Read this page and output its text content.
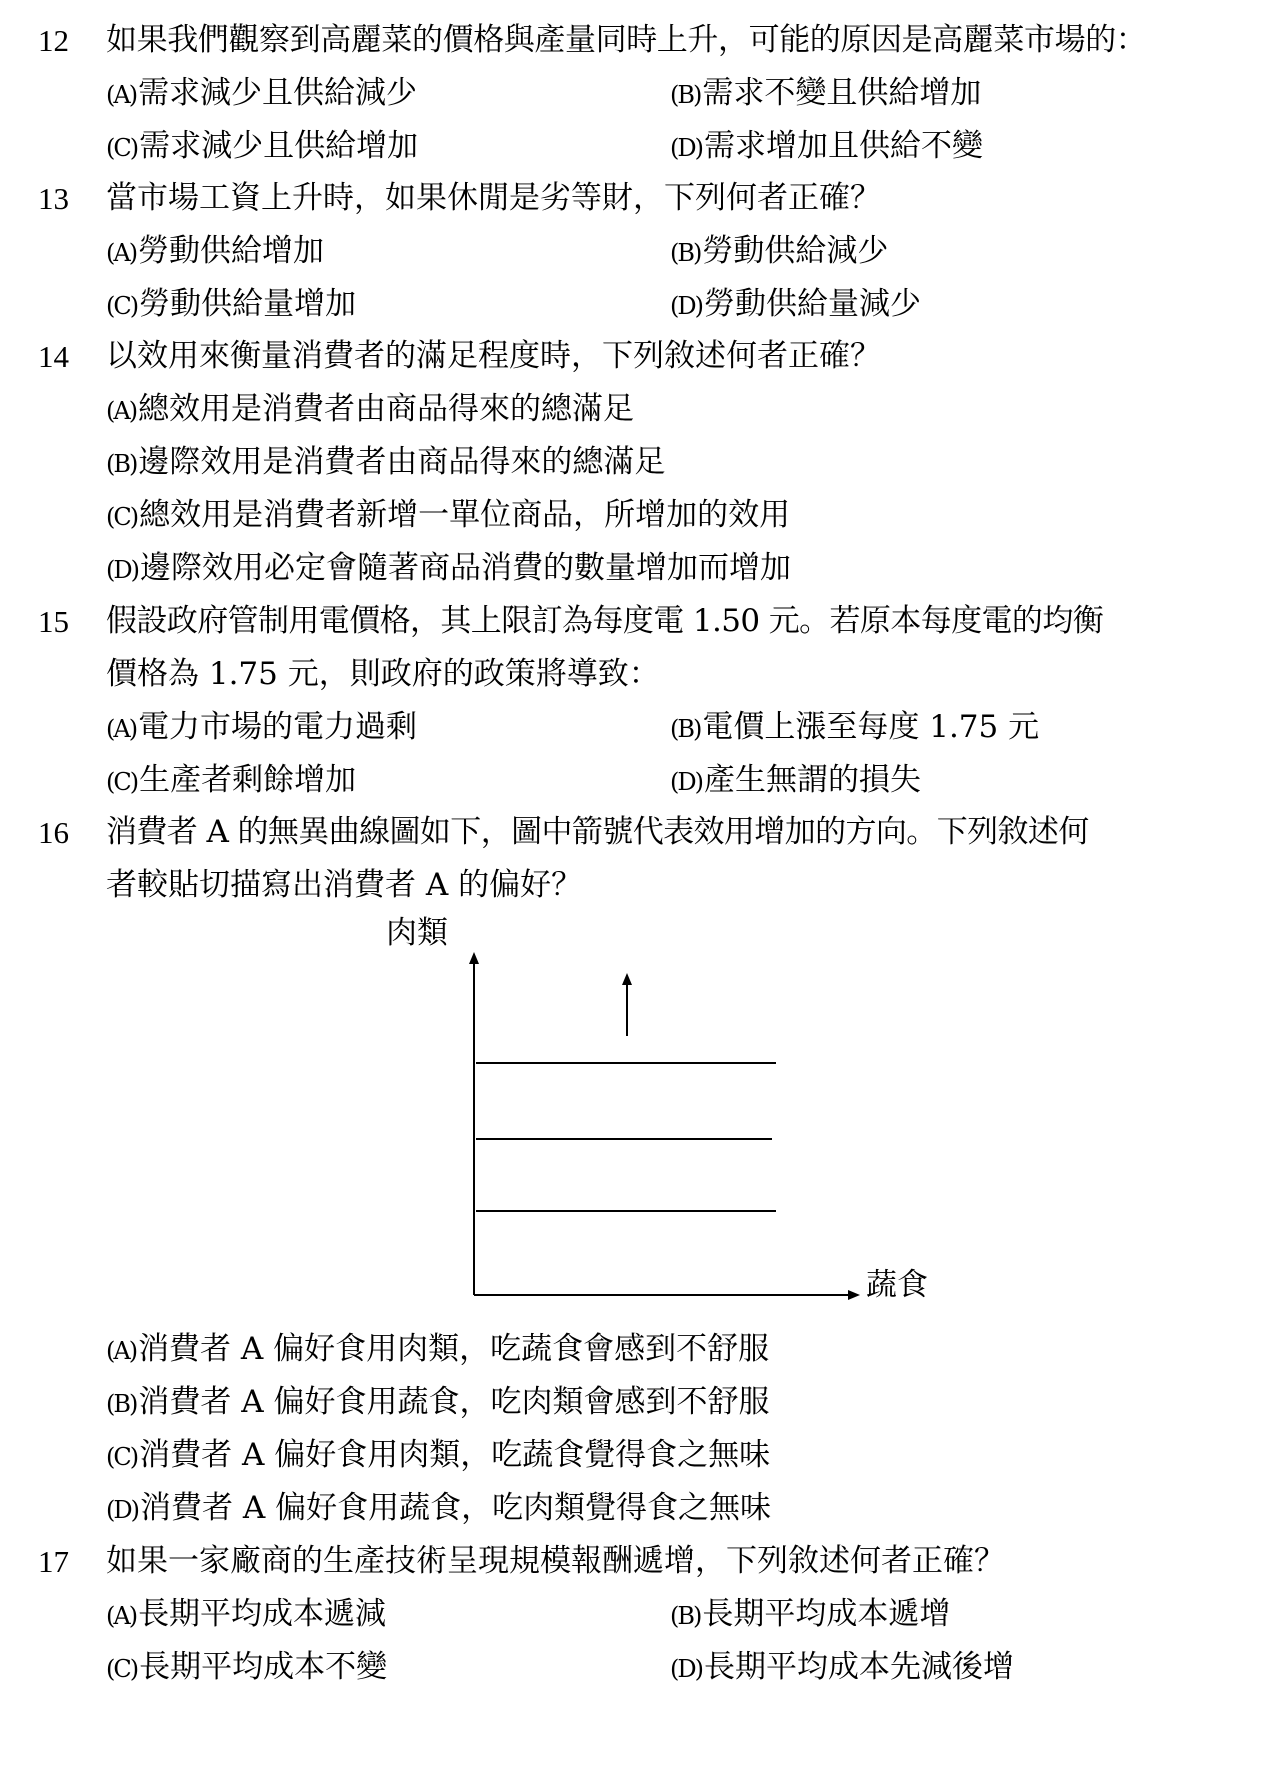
12	如果我們觀察到高麗菜的價格與產量同時上升，可能的原因是高麗菜市場的：
(A)需求減少且供給減少	(B)需求不變且供給增加
(C)需求減少且供給增加	(D)需求增加且供給不變
13	當市場工資上升時，如果休閒是劣等財，下列何者正確？
(A)勞動供給增加	(B)勞動供給減少
(C)勞動供給量增加	(D)勞動供給量減少
14	以效用來衡量消費者的滿足程度時，下列敘述何者正確？
(A)總效用是消費者由商品得來的總滿足
(B)邊際效用是消費者由商品得來的總滿足
(C)總效用是消費者新增一單位商品，所增加的效用
(D)邊際效用必定會隨著商品消費的數量增加而增加
15	假設政府管制用電價格，其上限訂為每度電 1.50 元。若原本每度電的均衡
價格為 1.75 元，則政府的政策將導致：
(A)電力市場的電力過剩	(B)電價上漲至每度 1.75 元
(C)生產者剩餘增加	(D)產生無謂的損失
16	消費者 A 的無異曲線圖如下，圖中箭號代表效用增加的方向。下列敘述何
者較貼切描寫出消費者 A 的偏好？
肉類
蔬食
(A)消費者 A 偏好食用肉類，吃蔬食會感到不舒服
(B)消費者 A 偏好食用蔬食，吃肉類會感到不舒服
(C)消費者 A 偏好食用肉類，吃蔬食覺得食之無味
(D)消費者 A 偏好食用蔬食，吃肉類覺得食之無味
17	如果一家廠商的生產技術呈現規模報酬遞增，下列敘述何者正確？
(A)長期平均成本遞減	(B)長期平均成本遞增
(C)長期平均成本不變	(D)長期平均成本先減後增
